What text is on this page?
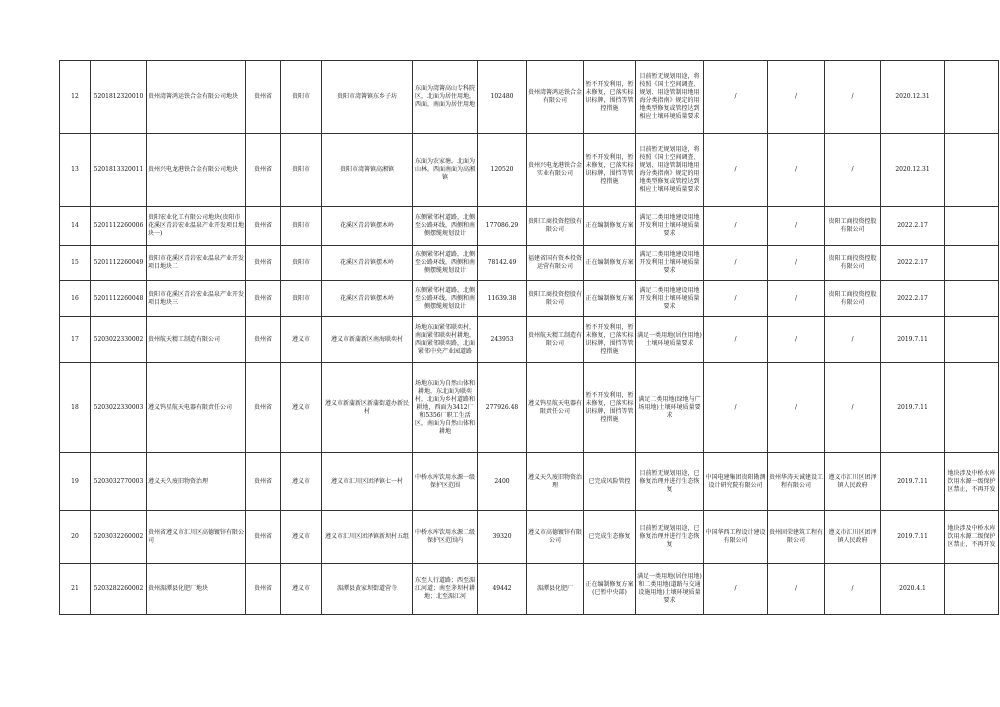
12	5201812320010	贵州湾箐鸿运铁合金有限公司地块	贵州省	贵阳市	贵阳市湾箐镇东乡子坊	东面为湾箐高山专科院区，北面为居住用地，西面，南面为居住用地	102480	贵州湾箐鸿运铁合金有限公司	暂不开发利用，暂未修复，已落实标识标牌，围挡等管控措施	目前暂无规划用途，将按照《国土空间调查、规划、用途管制用地用海分类指南》规定的用地类型修复或管控达到相应土壤环境质量要求	/	/	/	2020.12.31	
13	5201813320011	贵州兴电龙港铁合金有限公司地块	贵州省	贵阳市	贵阳市湾箐镇高湘镇	东面为农家塘，北面为山林，西面南面为高湘镇	120520	贵州兴电龙港铁合金实业有限公司	暂不开发利用，暂未修复，已落实标识标牌，围挡等管控措施	目前暂无规划用途，将按照《国土空间调查、规划、用途管制用地用海分类指南》规定的用地类型修复或管控达到相应土壤环境质量要求	/	/	/	2020.12.31	
14	5201112260006	贵阳宏业化工有限公司地块(贵阳市花溪区青岩宏业温泉产业开发项目地块一)	贵州省	贵阳市	花溪区青岩镇摆木岭	东侧紧邻村道路，北侧至公路环线，西侧和南侧摆缆规划设计	177086.29	贵阳工商投资控股有限公司	正在编制修复方案	满足二类用地建设用地开发利用土壤环境质量要求	/	/	贵阳工商投资控股有限公司	2022.2.17	
15	5201112260049	贵阳市花溪区青岩宏业温泉产业开发项目地块二	贵州省	贵阳市	花溪区青岩镇摆木岭	东侧紧邻村道路，北侧至公路环线，西侧和南侧摆缆规划设计	78142.49	福建省国有资本投资运营有限公司	正在编制修复方案	满足二类用地建设用地开发利用土壤环境质量要求	/	/	贵阳工商投资控股有限公司	2022.2.17	
16	5201112260048	贵阳市花溪区青岩宏业温泉产业开发项目地块三	贵州省	贵阳市	花溪区青岩镇摆木岭	东侧紧邻村道路，北侧至公路环线，西侧和南侧摆缆规划设计	11639.38	贵阳工商投资控股有限公司	正在编制修复方案	满足二类用地建设用地开发利用土壤环境质量要求	/	/	贵阳工商投资控股有限公司	2022.2.17	
17	5203022330002	贵州航天精工制造有限公司	贵州省	遵义市	遵义市新蒲新区南海联奕村	场地东面紧邻联奕村，南面紧邻联奕村耕地，西面紧邻联奕路，北面紧邻中央产业园道路	243953	贵州航天精工制造有限公司	暂不开发利用，暂未修复，已落实标识标牌，围挡等管控措施	满足一类用地(居住用地)土壤环境质量要求	/	/	/	2019.7.11	
18	5203022330003	遵义钨星航天电器有限责任公司	贵州省	遵义市	遵义市新蒲新区新蒲街道办新民村	场地东面为自然山体和耕地，东北面为联奕村，北面为乡村道路和耕地，西面为3412厂和5356厂职工生活区，南面为自然山体和耕地	277926.48	遵义钨星航天电器有限责任公司	暂不开发利用，暂未修复，已落实标识标牌，围挡等管控措施	满足二类用地(绿地与广场用地)土壤环境质量要求	/	/	/	2019.7.11	
19	5203032770003	遵义天久废旧物资治理	贵州省	遵义市	遵义市汇川区团泽镇七一村	中桥水库饮用水源一级保护区范围	2400	遵义天久废旧物资治理	已完成风险管控	目前暂无规划用途，已修复治理并进行生态恢复	中国电建集团贵阳勘测设计研究院有限公司	贵州华涛天诚建设工程有限公司	遵义市汇川区团泽镇人民政府	2019.7.11	地块涉及中桥水库饮用水源一级保护区禁止，不再开发
20	5203032260002	贵州省遵义市汇川区高德镀锌有限公司	贵州省	遵义市	遵义市汇川区团泽镇新坝村五组	中桥水库饮用水源二级保护区范围内	39320	遵义市高德镀锌有限公司	已完成生态修复	目前暂无规划用途，已修复治理并进行生态恢复	中国华西工程设计建设有限公司	贵州固荣建筑工程有限公司	遵义市汇川区团泽镇人民政府	2019.7.11	地块涉及中桥水库饮用水源二级保护区禁止，不再开发
21	5203282260002	贵州湄潭县化肥厂地块	贵州省	遵义市	湄潭县黄家坝街道营寺	东至人行道路；西至湄江河道；南至茅坝村耕地；北至湄江河	49442	湄潭县化肥厂	正在编制修复方案(已暂中央部)	满足一类用地(居住用地)和二类用地(道路与交通设施用地)土壤环境质量要求	/	/	/	2020.4.1	
